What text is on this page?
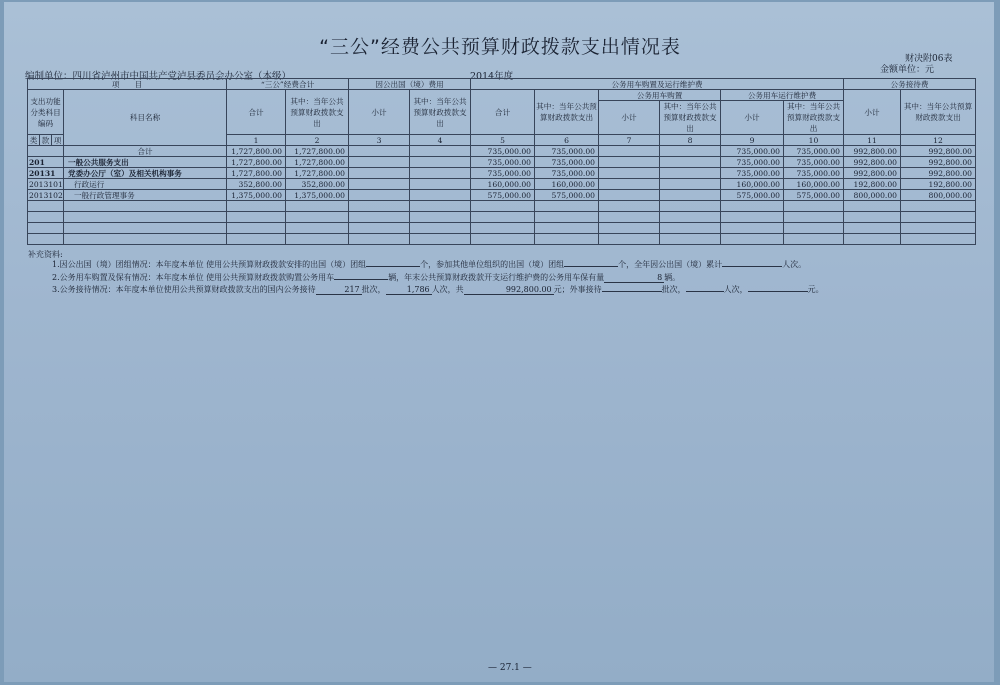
“三公”经费公共预算财政拨款支出情况表
财决附06表
金额单位：元
编制单位：四川省泸州市中国共产党泸县委员会办公室（本级）	2014年度
项　　目				“三公”经费合计		因公出国（境）费用		公务用车购置及运行维护费						公务接待费	
支出功能分类科目编码			科目名称	合计	其中：当年公共预算财政拨款支出	小计	其中：当年公共预算财政拨款支出	合计	其中：当年公共预算财政拨款支出	公务用车购置		公务用车运行维护费		小计	其中：当年公共预算财政拨款支出
										小计	其中：当年公共预算财政拨款支出	小计	其中：当年公共预算财政拨款支出		

类	款	项		1	2	3	4	5	6	7	8	9	10	11	12
			合计	1,727,800.00	1,727,800.00			735,000.00	735,000.00			735,000.00	735,000.00	992,800.00	992,800.00
201			一般公共服务支出	1,727,800.00	1,727,800.00			735,000.00	735,000.00			735,000.00	735,000.00	992,800.00	992,800.00
20131			党委办公厅（室）及相关机构事务	1,727,800.00	1,727,800.00			735,000.00	735,000.00			735,000.00	735,000.00	992,800.00	992,800.00
2013101			行政运行	352,800.00	352,800.00			160,000.00	160,000.00			160,000.00	160,000.00	192,800.00	192,800.00
2013102			一般行政管理事务	1,375,000.00	1,375,000.00			575,000.00	575,000.00			575,000.00	575,000.00	800,000.00	800,000.00

补充资料:
1.因公出国（境）团组情况：本年度本单位 使用公共预算财政拨款安排的出国（境）团组	个，参加其他单位组织的出国（境）团组	个，全年因公出国（境）累计	人次。
2.公务用车购置及保有情况：本年度本单位 使用公共预算财政拨款购置公务用车	辆，年末公共预算财政拨款开支运行维护费的公务用车保有量	8 辆。
3.公务接待情况：本年度本单位使用公共预算财政拨款支出的国内公务接待	217 批次，	1,786 人次，共	992,800.00 元；外事接待	批次，	人次，	元。
— 27.1 —
